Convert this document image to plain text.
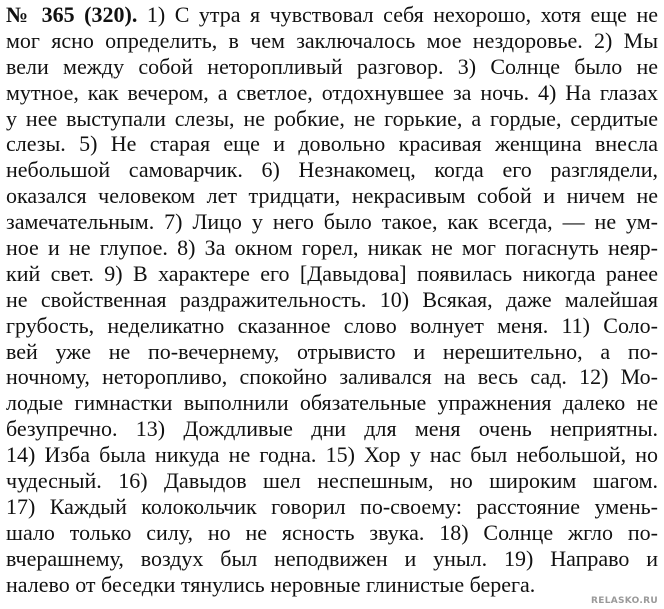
№ 365 (320). 1) С утра я чувствовал себя нехорошо, хотя еще не
мог ясно определить, в чем заключалось мое нездоровье. 2) Мы
вели между собой неторопливый разговор. 3) Солнце было не
мутное, как вечером, а светлое, отдохнувшее за ночь. 4) На глазах
у нее выступали слезы, не робкие, не горькие, а гордые, сердитые
слезы. 5) Не старая еще и довольно красивая женщина внесла
небольшой самоварчик. 6) Незнакомец, когда его разглядели,
оказался человеком лет тридцати, некрасивым собой и ничем не
замечательным. 7) Лицо у него было такое, как всегда, — не ум-
ное и не глупое. 8) За окном горел, никак не мог погаснуть неяр-
кий свет. 9) В характере его [Давыдова] появилась никогда ранее
не свойственная раздражительность. 10) Всякая, даже малейшая
грубость, неделикатно сказанное слово волнует меня. 11) Соло-
вей уже не по-вечернему, отрывисто и нерешительно, а по-
ночному, неторопливо, спокойно заливался на весь сад. 12) Мо-
лодые гимнастки выполнили обязательные упражнения далеко не
безупречно. 13) Дождливые дни для меня очень неприятны.
14) Изба была никуда не годна. 15) Хор у нас был небольшой, но
чудесный. 16) Давыдов шел неспешным, но широким шагом.
17) Каждый колокольчик говорил по-своему: расстояние умень-
шало только силу, но не ясность звука. 18) Солнце жгло по-
вчерашнему, воздух был неподвижен и уныл. 19) Направо и
налево от беседки тянулись неровные глинистые берега.
RELASKO.RU
